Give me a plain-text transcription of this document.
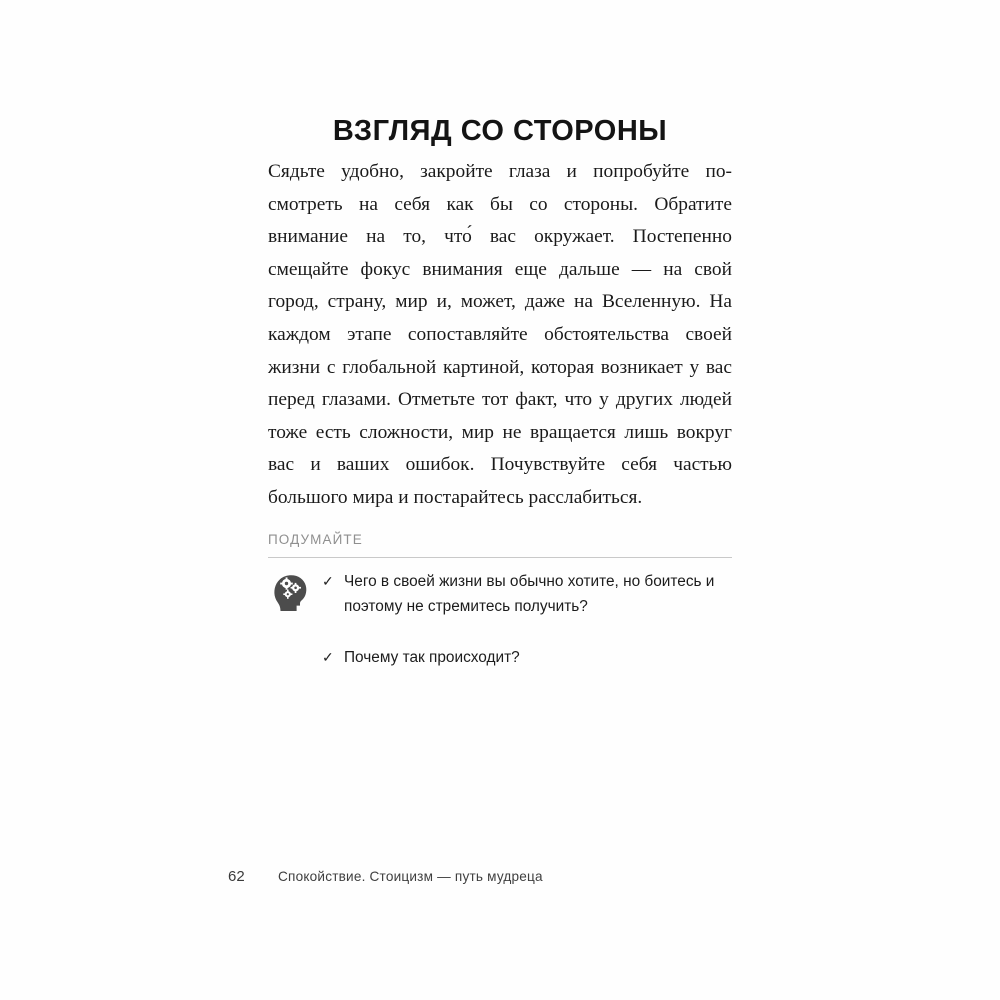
ВЗГЛЯД СО СТОРОНЫ

Сядьте удобно, закройте глаза и попробуйте посмотреть на себя как бы со стороны. Обратите внимание на то, что́ вас окружает. Постепенно смещайте фокус внимания еще дальше — на свой город, страну, мир и, может, даже на Вселенную. На каждом этапе сопоставляйте обстоятельства своей жизни с глобальной картиной, которая возникает у вас перед глазами. Отметьте тот факт, что у других людей тоже есть сложности, мир не вращается лишь вокруг вас и ваших ошибок. Почувствуйте себя частью большого мира и постарайтесь расслабиться.

ПОДУМАЙТЕ
✓ Чего в своей жизни вы обычно хотите, но боитесь и поэтому не стремитесь получить?
✓ Почему так происходит?
62	Спокойствие. Стоицизм — путь мудреца
